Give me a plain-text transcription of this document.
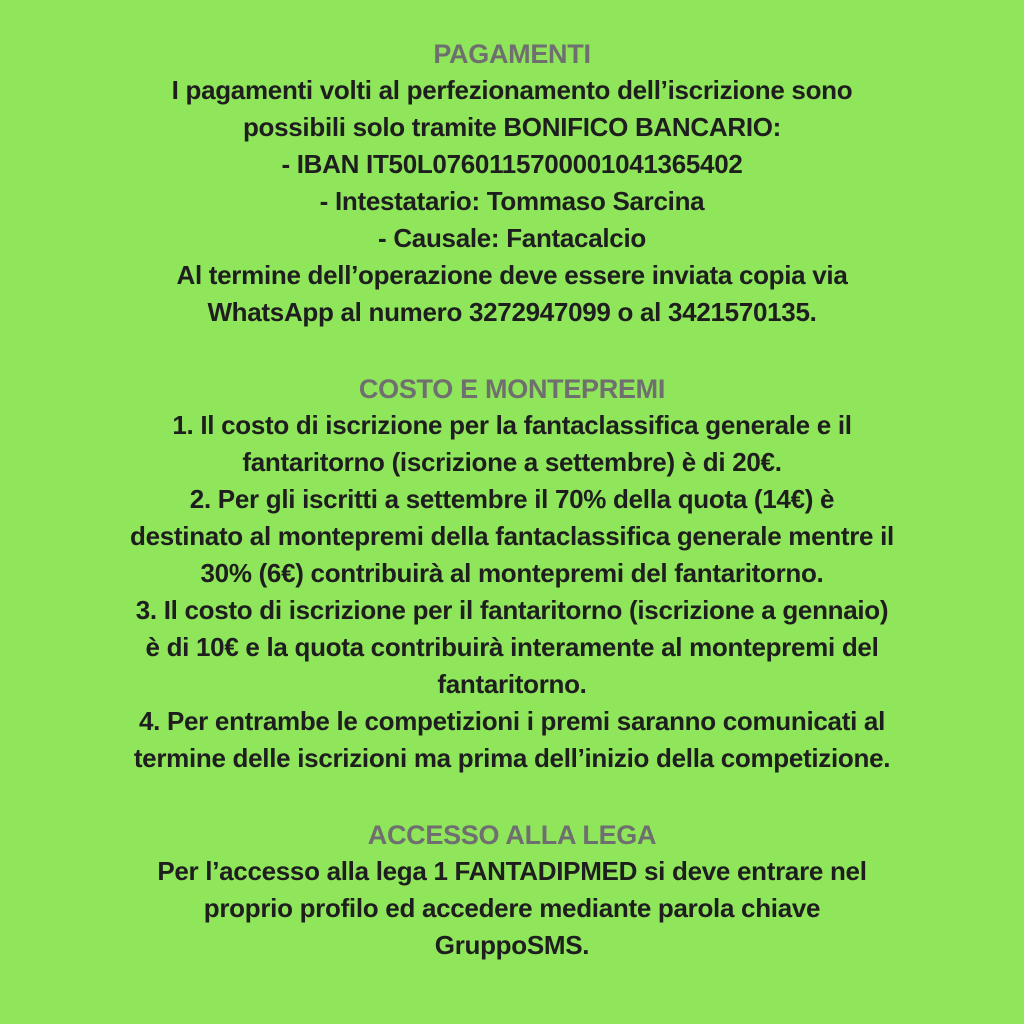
PAGAMENTI

I pagamenti volti al perfezionamento dell’iscrizione sono

possibili solo tramite BONIFICO BANCARIO:

- IBAN IT50L0760115700001041365402

- Intestatario: Tommaso Sarcina

- Causale: Fantacalcio

Al termine dell’operazione deve essere inviata copia via

WhatsApp al numero 3272947099 o al 3421570135.

COSTO E MONTEPREMI

1. Il costo di iscrizione per la fantaclassifica generale e il

fantaritorno (iscrizione a settembre) è di 20€.

2. Per gli iscritti a settembre il 70% della quota (14€) è

destinato al montepremi della fantaclassifica generale mentre il

30% (6€) contribuirà al montepremi del fantaritorno.

3. Il costo di iscrizione per il fantaritorno (iscrizione a gennaio)

è di 10€ e la quota contribuirà interamente al montepremi del

fantaritorno.

4. Per entrambe le competizioni i premi saranno comunicati al

termine delle iscrizioni ma prima dell’inizio della competizione.

ACCESSO ALLA LEGA

Per l’accesso alla lega 1 FANTADIPMED si deve entrare nel

proprio profilo ed accedere mediante parola chiave

GruppoSMS.
